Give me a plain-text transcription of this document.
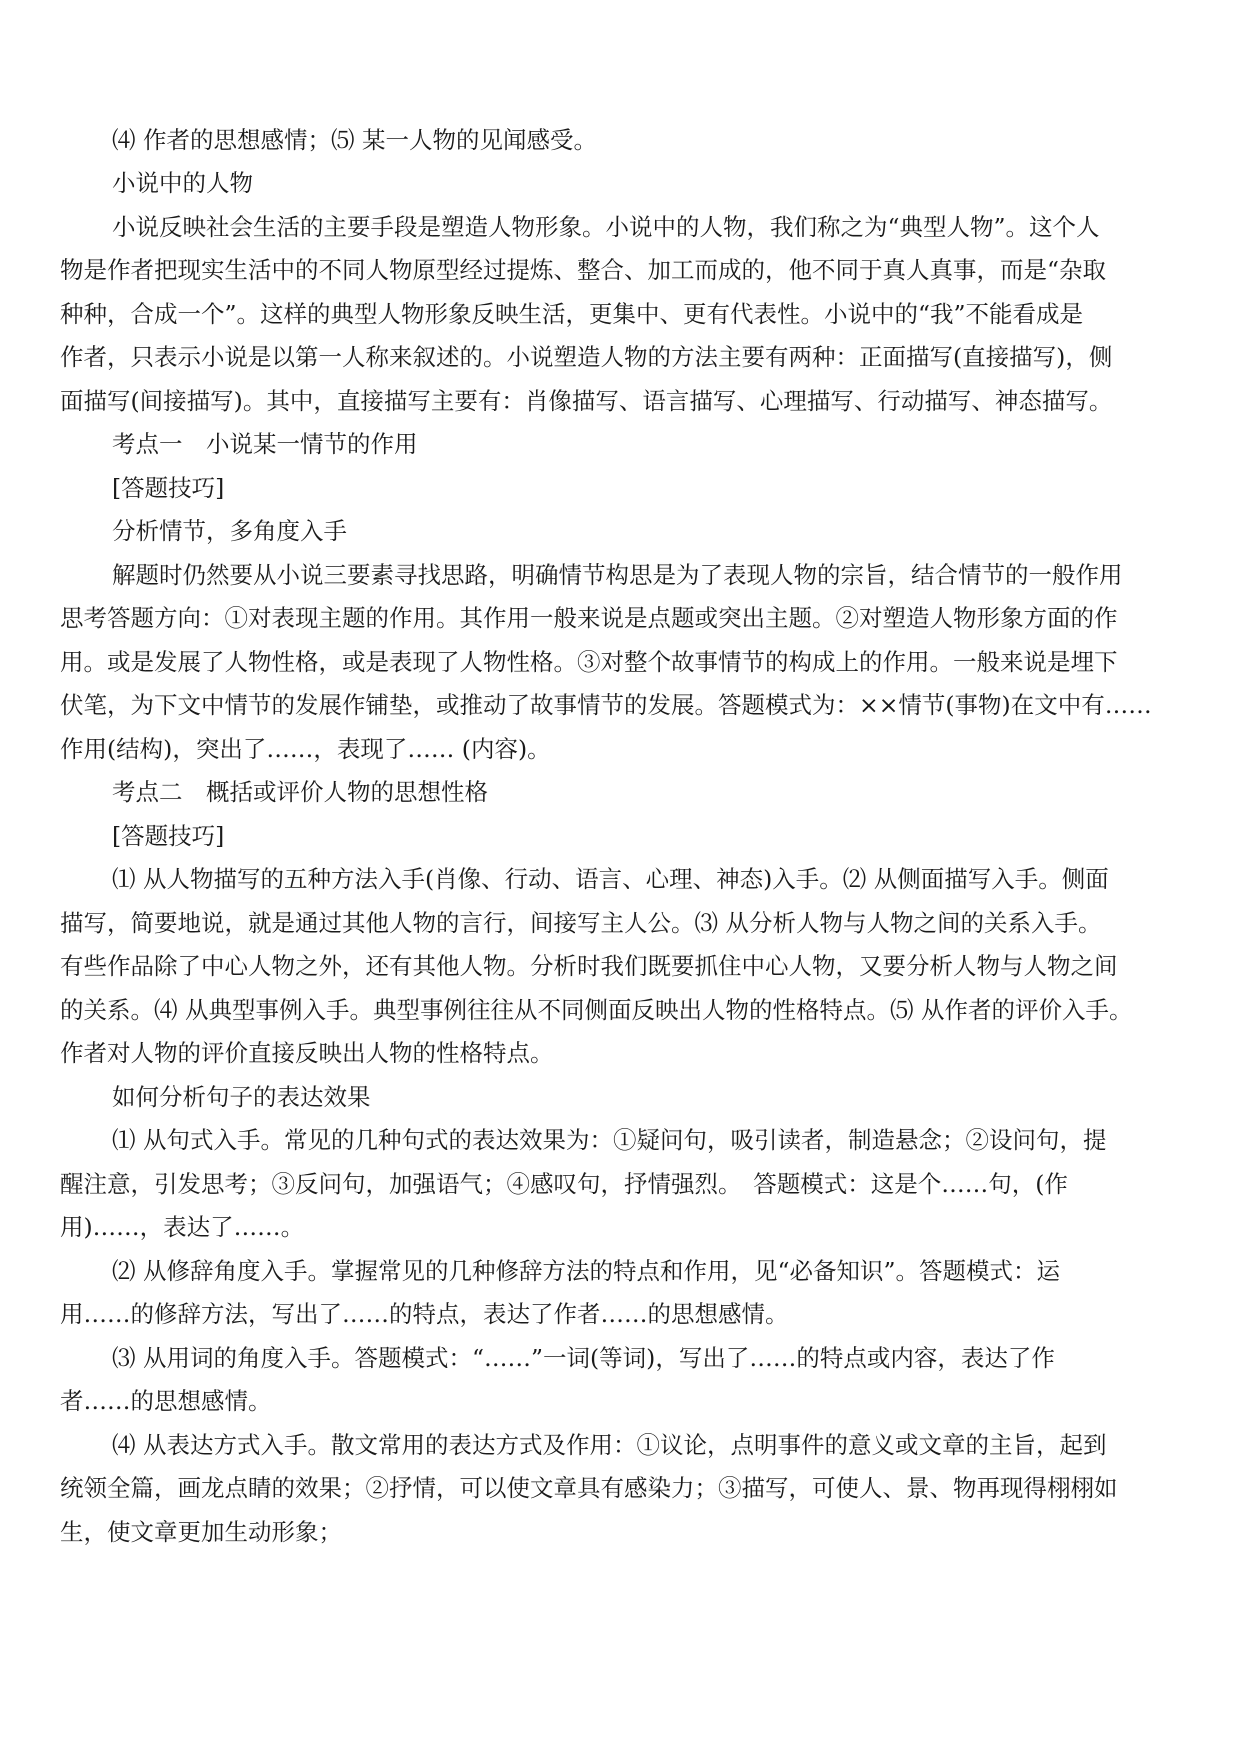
⑷ 作者的思想感情；⑸ 某一人物的见闻感受。
小说中的人物
小说反映社会生活的主要手段是塑造人物形象。小说中的人物，我们称之为“典型人物”。这个人
物是作者把现实生活中的不同人物原型经过提炼、整合、加工而成的，他不同于真人真事，而是“杂取
种种，合成一个”。这样的典型人物形象反映生活，更集中、更有代表性。小说中的“我”不能看成是
作者，只表示小说是以第一人称来叙述的。小说塑造人物的方法主要有两种：正面描写(直接描写)，侧
面描写(间接描写)。其中，直接描写主要有：肖像描写、语言描写、心理描写、行动描写、神态描写。
考点一　小说某一情节的作用
[答题技巧]
分析情节，多角度入手
解题时仍然要从小说三要素寻找思路，明确情节构思是为了表现人物的宗旨，结合情节的一般作用
思考答题方向：①对表现主题的作用。其作用一般来说是点题或突出主题。②对塑造人物形象方面的作
用。或是发展了人物性格，或是表现了人物性格。③对整个故事情节的构成上的作用。一般来说是埋下
伏笔，为下文中情节的发展作铺垫，或推动了故事情节的发展。答题模式为：××情节(事物)在文中有……
作用(结构)，突出了……，表现了…… (内容)。
考点二　概括或评价人物的思想性格
[答题技巧]
⑴ 从人物描写的五种方法入手(肖像、行动、语言、心理、神态)入手。⑵ 从侧面描写入手。侧面
描写，简要地说，就是通过其他人物的言行，间接写主人公。⑶ 从分析人物与人物之间的关系入手。
有些作品除了中心人物之外，还有其他人物。分析时我们既要抓住中心人物，又要分析人物与人物之间
的关系。⑷ 从典型事例入手。典型事例往往从不同侧面反映出人物的性格特点。⑸ 从作者的评价入手。
作者对人物的评价直接反映出人物的性格特点。
如何分析句子的表达效果
⑴ 从句式入手。常见的几种句式的表达效果为：①疑问句，吸引读者，制造悬念；②设问句，提
醒注意，引发思考；③反问句，加强语气；④感叹句，抒情强烈。　答题模式：这是个……句，(作
用)……，表达了……。
⑵ 从修辞角度入手。掌握常见的几种修辞方法的特点和作用，见“必备知识”。答题模式：运
用……的修辞方法，写出了……的特点，表达了作者……的思想感情。
⑶ 从用词的角度入手。答题模式：“……”一词(等词)，写出了……的特点或内容，表达了作
者……的思想感情。
⑷ 从表达方式入手。散文常用的表达方式及作用：①议论，点明事件的意义或文章的主旨，起到
统领全篇，画龙点睛的效果；②抒情，可以使文章具有感染力；③描写，可使人、景、物再现得栩栩如
生，使文章更加生动形象；
